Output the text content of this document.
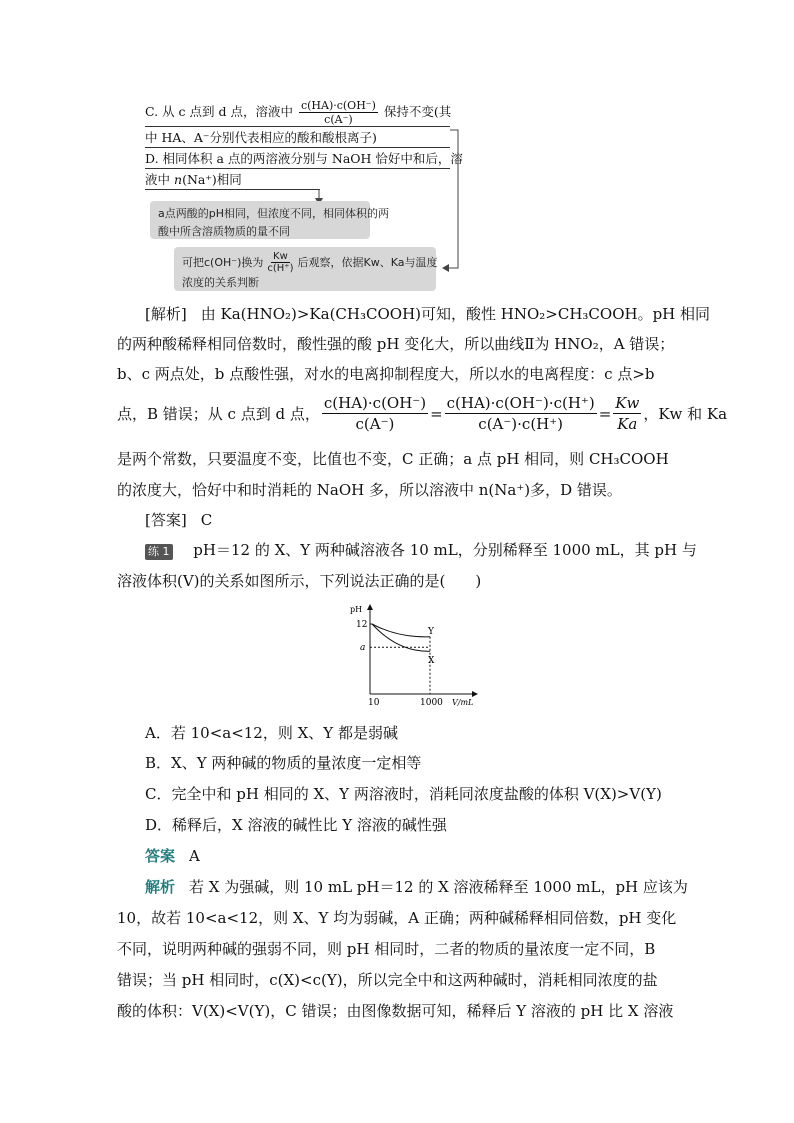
C. 从 c 点到 d 点，溶液中 $\frac{c(HA)\cdot c(OH^-)}{c(A^-)}$ 保持不变(其
中 HA、A⁻分别代表相应的酸和酸根离子)
D. 相同体积 a 点的两溶液分别与 NaOH 恰好中和后，溶
液中 n(Na⁺)相同
a点两酸的pH相同，但浓度不同，相同体积的两
酸中所含溶质物质的量不同
可把c(OH⁻)换为 $\frac{Kw}{c(H^+)}$ 后观察，依据Kw、Ka与温度
浓度的关系判断
[解析] 由 Ka(HNO₂)>Ka(CH₃COOH)可知，酸性 HNO₂>CH₃COOH。pH 相同
的两种酸稀释相同倍数时，酸性强的酸 pH 变化大，所以曲线Ⅱ为 HNO₂，A 错误；
b、c 两点处，b 点酸性强，对水的电离抑制程度大，所以水的电离程度：c 点>b
点，B 错误；从 c 点到 d 点， $\frac{c(HA)\cdot c(OH^-)}{c(A^-)} = \frac{c(HA)\cdot c(OH^-)\cdot c(H^+)}{c(A^-)\cdot c(H^+)} = \frac{Kw}{Ka}$ ，Kw 和 Ka
是两个常数，只要温度不变，比值也不变，C 正确；a 点 pH 相同，则 CH₃COOH
的浓度大，恰好中和时消耗的 NaOH 多，所以溶液中 n(Na⁺)多，D 错误。
[答案] C
练 1 pH＝12 的 X、Y 两种碱溶液各 10 mL，分别稀释至 1000 mL，其 pH 与
溶液体积(V)的关系如图所示，下列说法正确的是(　　)
Y
X
pH
12
a
10	1000 V/mL
A．若 10<a<12，则 X、Y 都是弱碱
B．X、Y 两种碱的物质的量浓度一定相等
C．完全中和 pH 相同的 X、Y 两溶液时，消耗同浓度盐酸的体积 V(X)>V(Y)
D．稀释后，X 溶液的碱性比 Y 溶液的碱性强
答案 A
解析 若 X 为强碱，则 10 mL pH＝12 的 X 溶液稀释至 1000 mL，pH 应该为
10，故若 10<a<12，则 X、Y 均为弱碱，A 正确；两种碱稀释相同倍数，pH 变化
不同，说明两种碱的强弱不同，则 pH 相同时，二者的物质的量浓度一定不同，B
错误；当 pH 相同时，c(X)<c(Y)，所以完全中和这两种碱时，消耗相同浓度的盐
酸的体积：V(X)<V(Y)，C 错误；由图像数据可知，稀释后 Y 溶液的 pH 比 X 溶液
